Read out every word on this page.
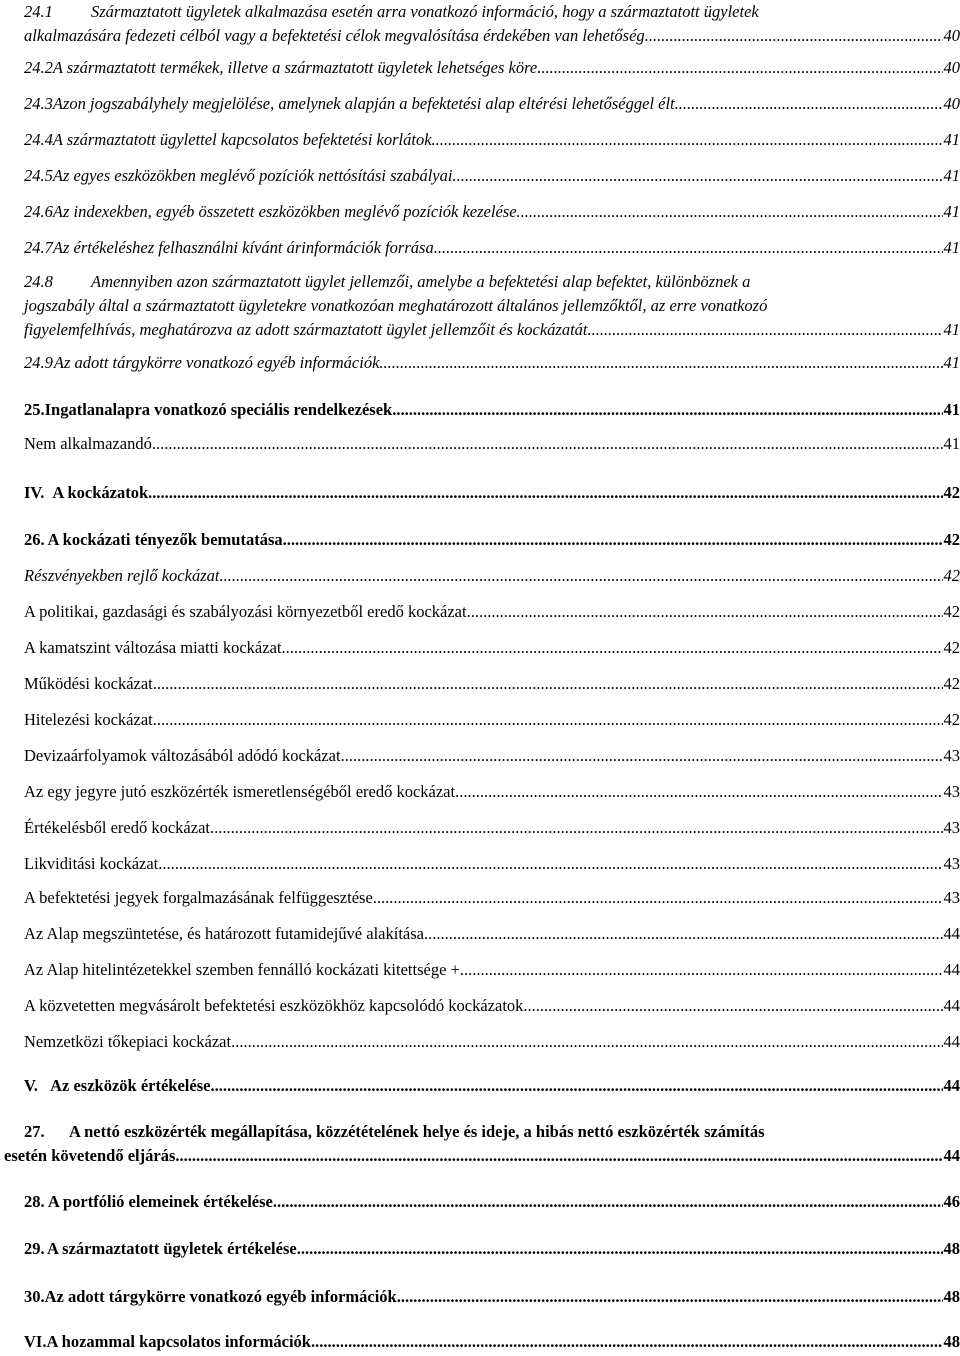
24.1 Származtatott ügyletek alkalmazása esetén arra vonatkozó információ, hogy a származtatott ügyletek
alkalmazására fedezeti célból vagy a befektetési célok megvalósítása érdekében van lehetőség .....	40
24.2 A származtatott termékek, illetve a származtatott ügyletek lehetséges köre .....	40
24.3 Azon jogszabályhely megjelölése, amelynek alapján a befektetési alap eltérési lehetőséggel élt .....	40
24.4 A származtatott ügylettel kapcsolatos befektetési korlátok .....	41
24.5 Az egyes eszközökben meglévő pozíciók nettósítási szabályai .....	41
24.6 Az indexekben, egyéb összetett eszközökben meglévő pozíciók kezelése .....	41
24.7 Az értékeléshez felhasználni kívánt árinformációk forrása .....	41
24.8 Amennyiben azon származtatott ügylet jellemzői, amelybe a befektetési alap befektet, különböznek a
jogszabály által a származtatott ügyletekre vonatkozóan meghatározott általános jellemzőktől, az erre vonatkozó
figyelemfelhívás, meghatározva az adott származtatott ügylet jellemzőit és kockázatát .....	41
24.9 Az adott tárgykörre vonatkozó egyéb információk .....	41
25. Ingatlanalapra vonatkozó speciális rendelkezések .....	41
Nem alkalmazandó. .....	41
IV. A kockázatok .....	42
26. A kockázati tényezők bemutatása .....	42
Részvényekben rejlő kockázat .....	42
A politikai, gazdasági és szabályozási környezetből eredő kockázat .....	42
A kamatszint változása miatti kockázat .....	42
Működési kockázat .....	42
Hitelezési kockázat .....	42
Devizaárfolyamok változásából adódó kockázat .....	43
Az egy jegyre jutó eszközérték ismeretlenségéből eredő kockázat .....	43
Értékelésből eredő kockázat .....	43
Likviditási kockázat .....	43
A befektetési jegyek forgalmazásának felfüggesztése .....	43
Az Alap megszüntetése, és határozott futamidejűvé alakítása .....	44
Az Alap hitelintézetekkel szemben fennálló kockázati kitettsége + .....	44
A közvetetten megvásárolt befektetési eszközökhöz kapcsolódó kockázatok .....	44
Nemzetközi tőkepiaci kockázat .....	44
V. Az eszközök értékelése .....	44
27. A nettó eszközérték megállapítása, közzétételének helye és ideje, a hibás nettó eszközérték számítás
esetén követendő eljárás .....	44
28. A portfólió elemeinek értékelése .....	46
29. A származtatott ügyletek értékelése .....	48
30. Az adott tárgykörre vonatkozó egyéb információk .....	48
VI. A hozammal kapcsolatos információk .....	48
